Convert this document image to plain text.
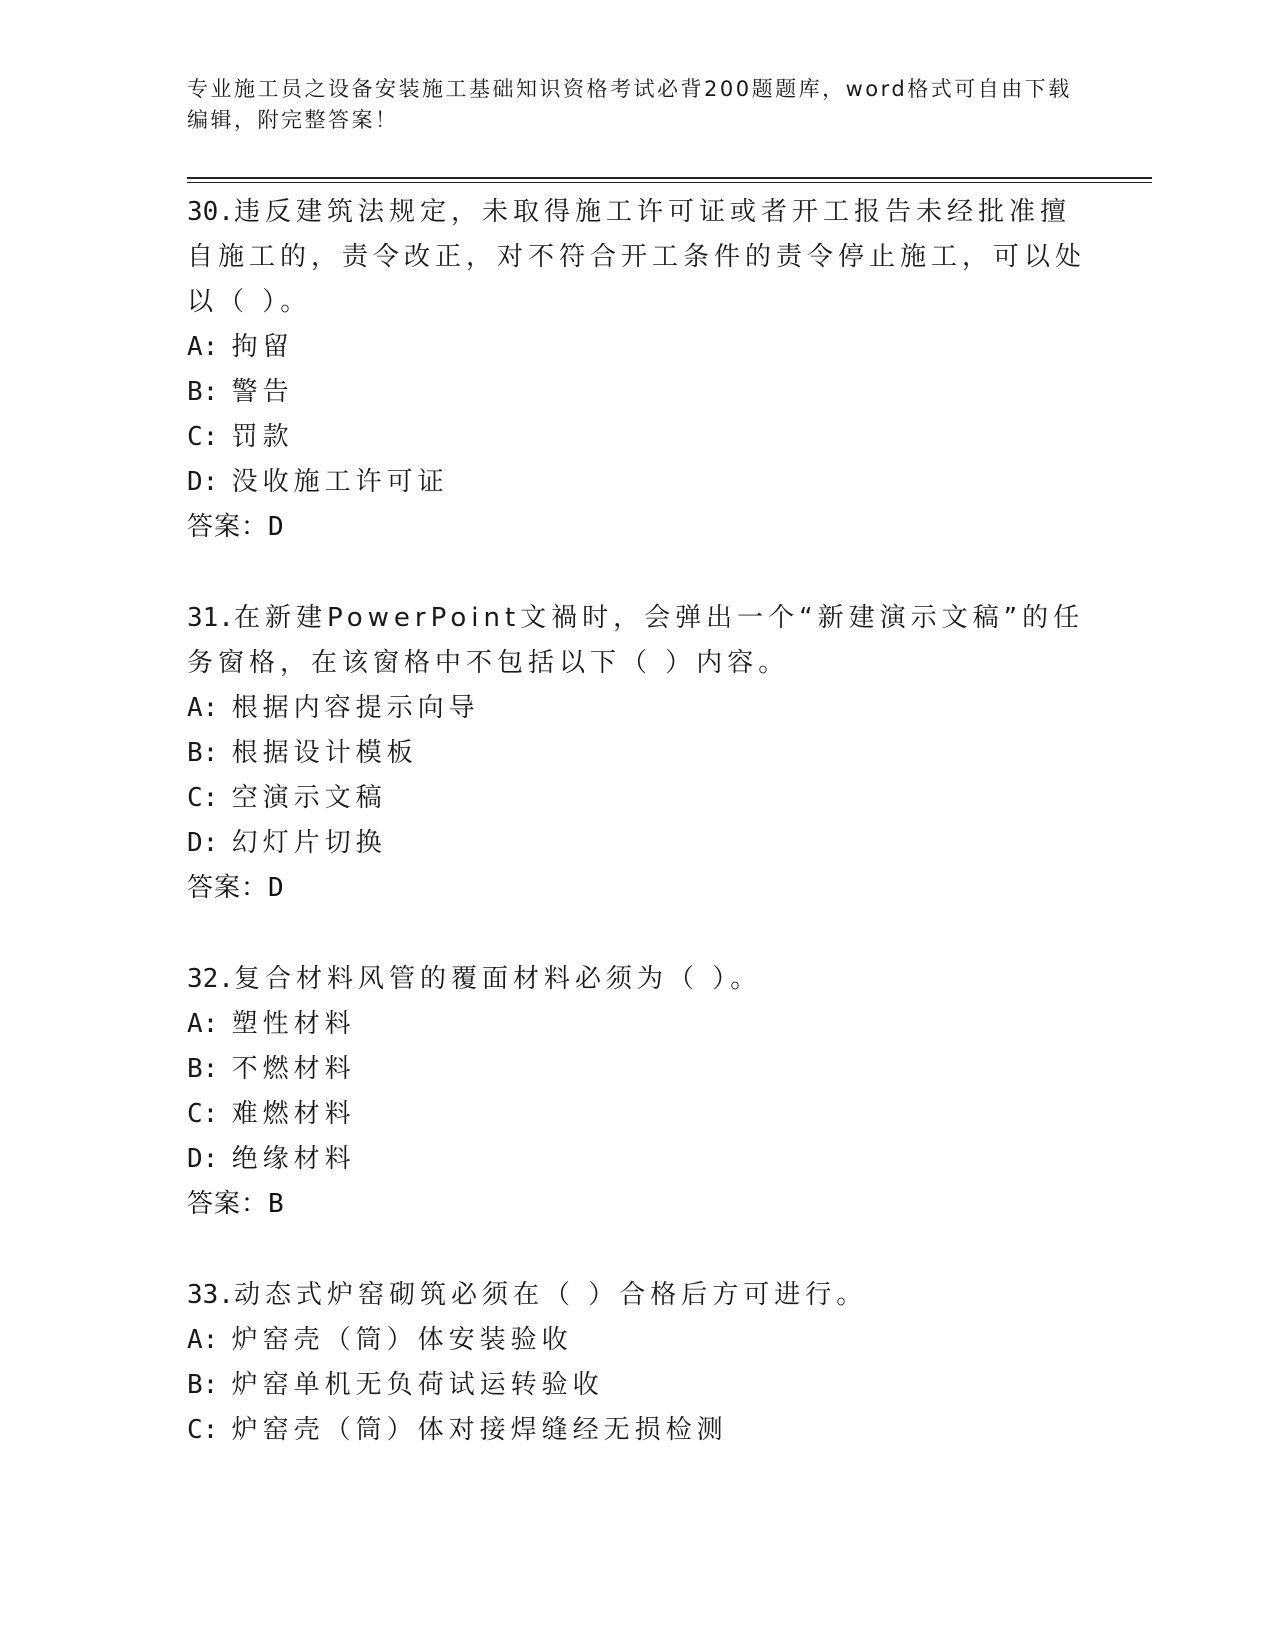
专业施工员之设备安装施工基础知识资格考试必背200题题库，word格式可自由下载编辑，附完整答案！

30.违反建筑法规定，未取得施工许可证或者开工报告未经批准擅自施工的，责令改正，对不符合开工条件的责令停止施工，可以处以（ ）。

A: 拘留
B: 警告
C: 罚款
D: 没收施工许可证
答案：D

31.在新建PowerPoint文禍时，会弹出一个“新建演示文稿”的任务窗格，在该窗格中不包括以下（ ）内容。

A: 根据内容提示向导
B: 根据设计模板
C: 空演示文稿
D: 幻灯片切换
答案：D

32.复合材料风管的覆面材料必须为（ ）。

A: 塑性材料
B: 不燃材料
C: 难燃材料
D: 绝缘材料
答案：B

33.动态式炉窑砌筑必须在（ ）合格后方可进行。

A: 炉窑壳（筒）体安装验收
B: 炉窑单机无负荷试运转验收
C: 炉窑壳（筒）体对接焊缝经无损检测
